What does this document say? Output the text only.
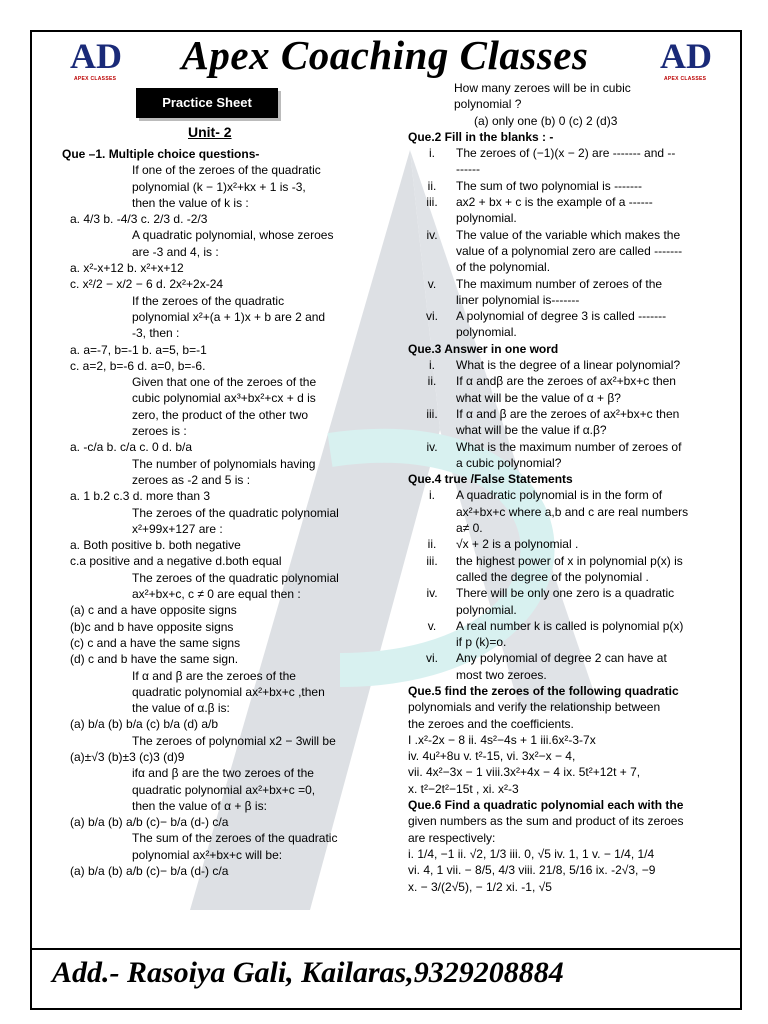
AD
APEX CLASSES
AD
APEX CLASSES
Apex Coaching Classes
Practice Sheet
Unit- 2

Que –1. Multiple choice questions-

If one of the zeroes of the quadratic

polynomial (k − 1)x²+kx + 1 is -3,

then the value of k is :

a. 4/3 b. -4/3 c. 2/3 d. -2/3

A quadratic polynomial, whose zeroes

are -3 and 4, is :

a. x²-x+12 b. x²+x+12

c. x²/2 − x/2 − 6 d. 2x²+2x-24

If the zeroes of the quadratic

polynomial x²+(a + 1)x + b are 2 and

-3, then :

a. a=-7, b=-1 b. a=5, b=-1

c. a=2, b=-6 d. a=0, b=-6.

Given that one of the zeroes of the

cubic polynomial ax³+bx²+cx + d is

zero, the product of the other two

zeroes is :

a. -c/a b. c/a c. 0 d. b/a

The number of polynomials having

zeroes as -2 and 5 is :

a. 1 b.2 c.3 d. more than 3

The zeroes of the quadratic polynomial

x²+99x+127 are :

a. Both positive b. both negative

c.a positive and a negative d.both equal

The zeroes of the quadratic polynomial

ax²+bx+c, c ≠ 0 are equal then :

(a) c and a have opposite signs

(b)c and b have opposite signs

(c) c and a have the same signs

(d) c and b have the same sign.

If α and β are the zeroes of the

quadratic polynomial ax²+bx+c ,then

the value of α.β is:

(a) b/a (b) b/a (c) b/a (d) a/b

The zeroes of polynomial x2 − 3will be

(a)±√3 (b)±3 (c)3 (d)9

ifα and β are the two zeroes of the

quadratic polynomial ax²+bx+c =0,

then the value of α + β is:

(a) b/a (b) a/b (c)− b/a (d-) c/a

The sum of the zeroes of the quadratic

polynomial ax²+bx+c will be:

(a) b/a (b) a/b (c)− b/a (d-) c/a

How many zeroes will be in cubic
polynomial ?
(a) only one (b) 0 (c) 2 (d)3
Que.2 Fill in the blanks : -
i.	The zeroes of (−1)(x − 2) are ------- and --
------
ii.	The sum of two polynomial is -------
iii.	ax2 + bx + c is the example of a ------
polynomial.
iv.	The value of the variable which makes the
value of a polynomial zero are called -------
of the polynomial.
v.	The maximum number of zeroes of the
liner polynomial is-------
vi.	A polynomial of degree 3 is called -------
polynomial.
Que.3 Answer in one word
i.	What is the degree of a linear polynomial?
ii.	If α andβ are the zeroes of ax²+bx+c then
what will be the value of α + β?
iii.	If α and β are the zeroes of ax²+bx+c then
what will be the value if α.β?
iv.	What is the maximum number of zeroes of
a cubic polynomial?
Que.4 true /False Statements
i.	A quadratic polynomial is in the form of
ax²+bx+c where a,b and c are real numbers
a≠ 0.
ii.	√x + 2 is a polynomial .
iii.	the highest power of x in polynomial p(x) is
called the degree of the polynomial .
iv.	There will be only one zero is a quadratic
polynomial.
v.	A real number k is called is polynomial p(x)
if p (k)=o.
vi.	Any polynomial of degree 2 can have at
most two zeroes.
Que.5 find the zeroes of the following quadratic
polynomials and verify the relationship between
the zeroes and the coefficients.
I .x²-2x − 8 ii. 4s²−4s + 1 iii.6x²-3-7x
iv. 4u²+8u v. t²-15, vi. 3x²−x − 4,
vii. 4x²−3x − 1 viii.3x²+4x − 4 ix. 5t²+12t + 7,
x. t²−2t²−15t , xi. x²-3
Que.6 Find a quadratic polynomial each with the
given numbers as the sum and product of its zeroes
are respectively:
i. 1/4, −1 ii. √2, 1/3 iii. 0, √5 iv. 1, 1 v. − 1/4, 1/4
vi. 4, 1 vii. − 8/5, 4/3 viii. 21/8, 5/16 ix. -2√3, −9
x. − 3/(2√5), − 1/2 xi. -1, √5
Add.- Rasoiya Gali, Kailaras,9329208884
